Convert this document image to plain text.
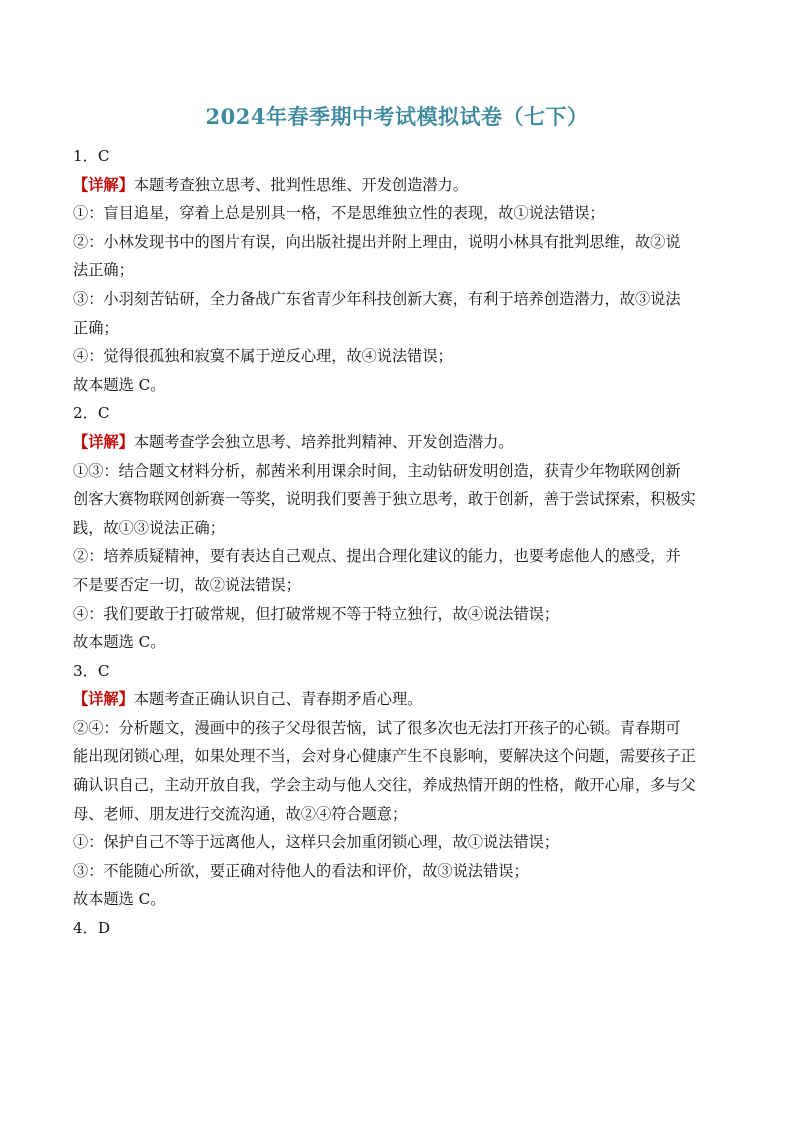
2024年春季期中考试模拟试卷（七下）
1．C
【详解】本题考查独立思考、批判性思维、开发创造潜力。
①：盲目追星，穿着上总是别具一格，不是思维独立性的表现，故①说法错误；
②：小林发现书中的图片有误，向出版社提出并附上理由，说明小林具有批判思维，故②说
法正确；
③：小羽刻苦钻研，全力备战广东省青少年科技创新大赛，有利于培养创造潜力，故③说法
正确；
④：觉得很孤独和寂寞不属于逆反心理，故④说法错误；
故本题选 C。
2．C
【详解】本题考查学会独立思考、培养批判精神、开发创造潜力。
①③：结合题文材料分析，郝茜米利用课余时间，主动钻研发明创造，获青少年物联网创新
创客大赛物联网创新赛一等奖，说明我们要善于独立思考，敢于创新，善于尝试探索，积极实
践，故①③说法正确；
②：培养质疑精神，要有表达自己观点、提出合理化建议的能力，也要考虑他人的感受，并
不是要否定一切，故②说法错误；
④：我们要敢于打破常规，但打破常规不等于特立独行，故④说法错误；
故本题选 C。
3．C
【详解】本题考查正确认识自己、青春期矛盾心理。
②④：分析题文，漫画中的孩子父母很苦恼，试了很多次也无法打开孩子的心锁。青春期可
能出现闭锁心理，如果处理不当，会对身心健康产生不良影响，要解决这个问题，需要孩子正
确认识自己，主动开放自我，学会主动与他人交往，养成热情开朗的性格，敞开心扉，多与父
母、老师、朋友进行交流沟通，故②④符合题意；
①：保护自己不等于远离他人，这样只会加重闭锁心理，故①说法错误；
③：不能随心所欲，要正确对待他人的看法和评价，故③说法错误；
故本题选 C。
4．D
